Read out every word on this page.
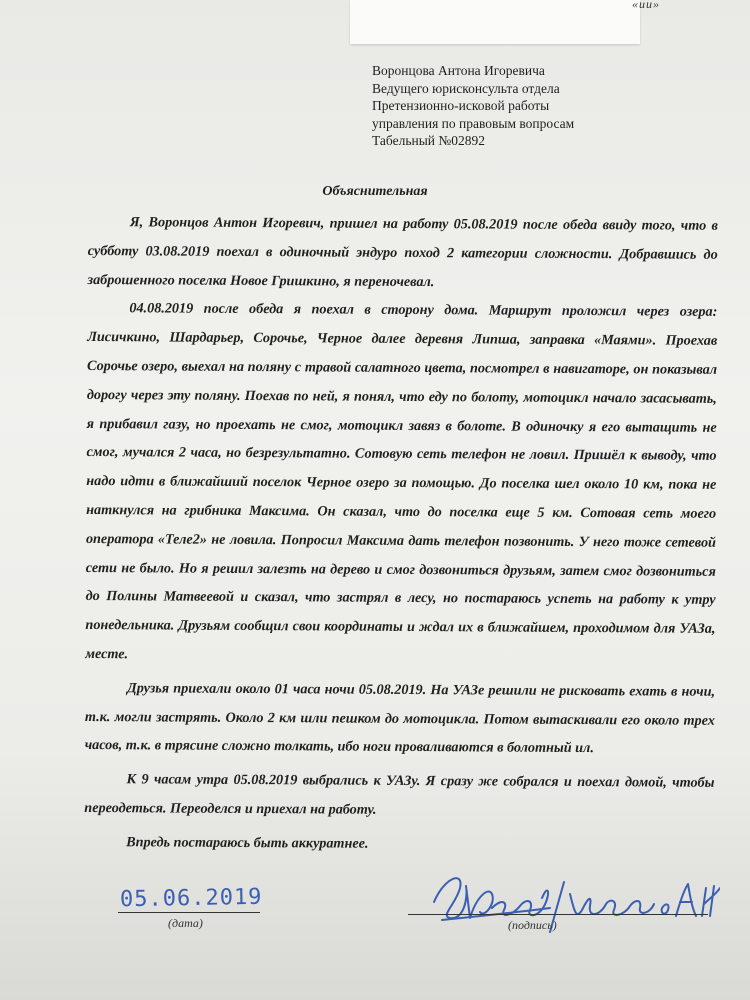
«ии»
Воронцова Антона Игоревича
Ведущего юрисконсульта отдела
Претензионно-исковой работы
управления по правовым вопросам
Табельный №02892
Объяснительная

Я, Воронцов Антон Игоревич, пришел на работу 05.08.2019 после обеда ввиду того, что в субботу 03.08.2019 поехал в одиночный эндуро поход 2 категории сложности. Добравшись до заброшенного поселка Новое Гришкино, я переночевал.

04.08.2019 после обеда я поехал в сторону дома. Маршрут проложил через озера: Лисичкино, Шардарьер, Сорочье, Черное далее деревня Липша, заправка «Маями». Проехав Сорочье озеро, выехал на поляну с травой салатного цвета, посмотрел в навигаторе, он показывал дорогу через эту поляну. Поехав по ней, я понял, что еду по болоту, мотоцикл начало засасывать, я прибавил газу, но проехать не смог, мотоцикл завяз в болоте. В одиночку я его вытащить не смог, мучался 2 часа, но безрезультатно. Сотовую сеть телефон не ловил. Пришёл к выводу, что надо идти в ближайший поселок Черное озеро за помощью. До поселка шел около 10 км, пока не наткнулся на грибника Максима. Он сказал, что до поселка еще 5 км. Сотовая сеть моего оператора «Теле2» не ловила. Попросил Максима дать телефон позвонить. У него тоже сетевой сети не было. Но я решил залезть на дерево и смог дозвониться друзьям, затем смог дозвониться до Полины Матвеевой и сказал, что застрял в лесу, но постараюсь успеть на работу к утру понедельника. Друзьям сообщил свои координаты и ждал их в ближайшем, проходимом для УАЗа, месте.

Друзья приехали около 01 часа ночи 05.08.2019. На УАЗе решили не рисковать ехать в ночи, т.к. могли застрять. Около 2 км шли пешком до мотоцикла. Потом вытаскивали его около трех часов, т.к. в трясине сложно толкать, ибо ноги проваливаются в болотный ил.

К 9 часам утра 05.08.2019 выбрались к УАЗу. Я сразу же собрался и поехал домой, чтобы переодеться. Переоделся и приехал на работу.

Впредь постараюсь быть аккуратнее.

05.06.2019
(дата)	(подпись)
